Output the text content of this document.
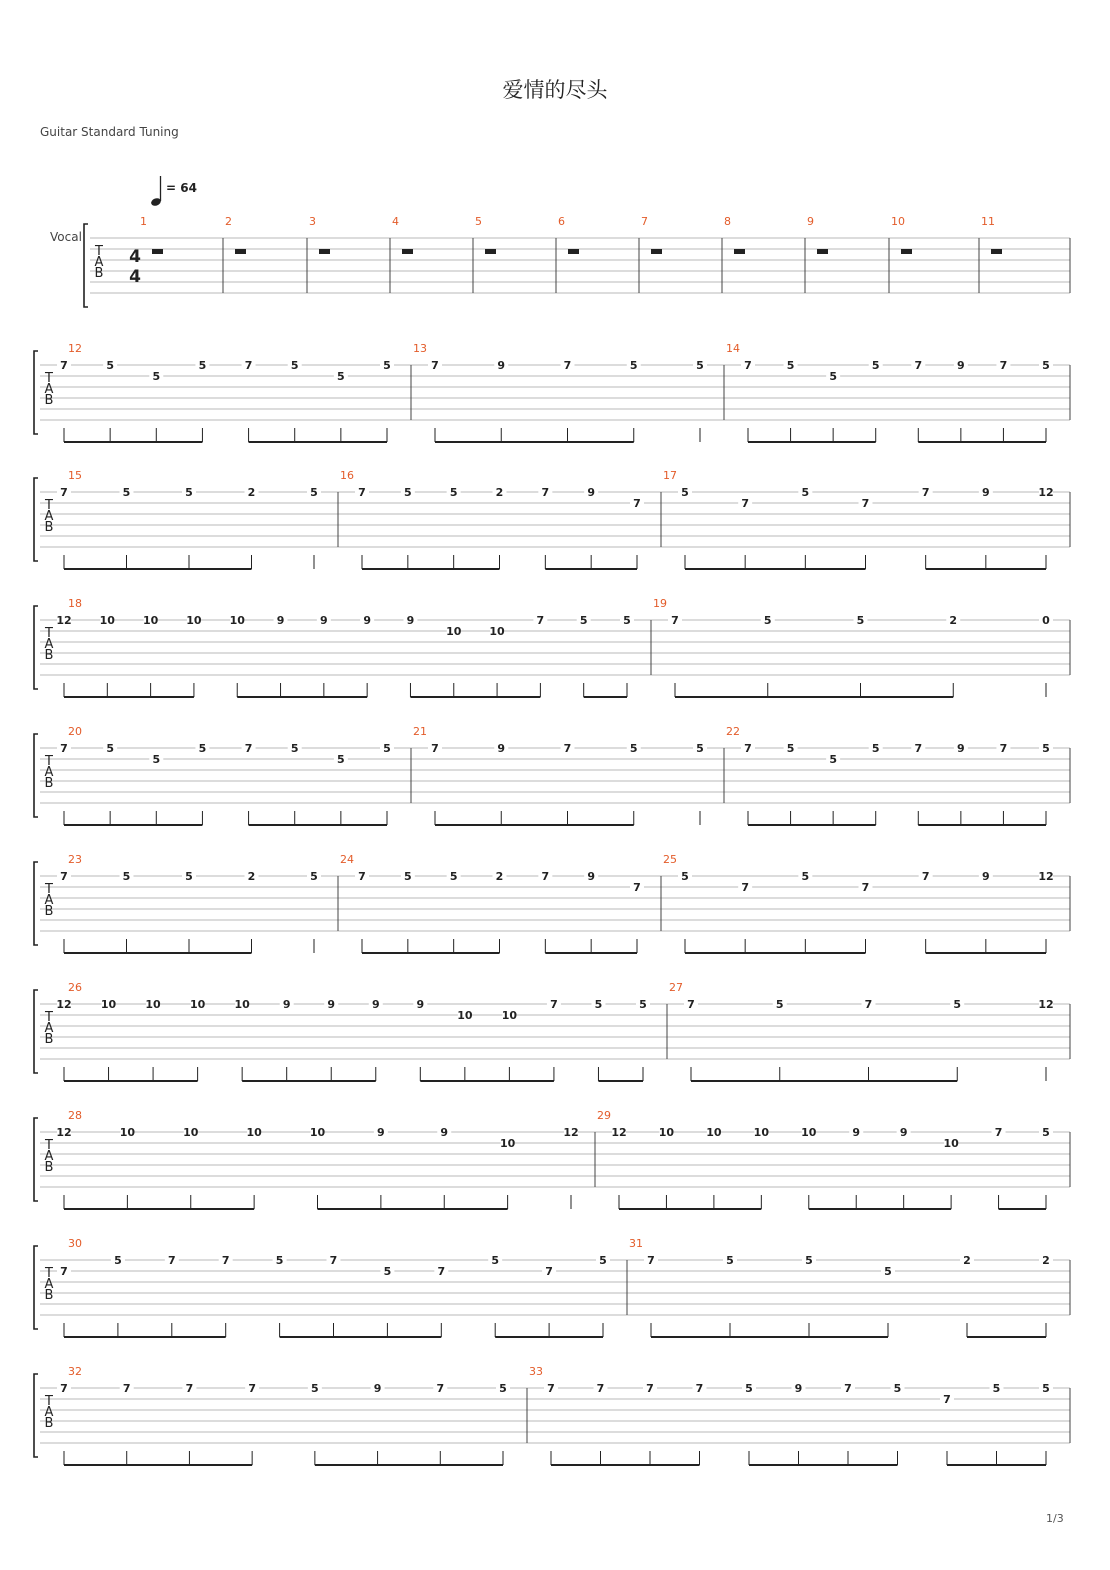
爱情的尽头
Guitar Standard Tuning
= 64
Vocal
T
A
B
4
4
1	2	3	4	5	6	7	8	9	10	11
T
A
B
12
7	5
5
5	7	5
5
5
13
7	9	7	5	5
14
7	5
5
5	7	9	7	5
T
A
B
15
7	5	5	2	5
16
7	5	5	2	7	9
7
17
5
7
5
7
7	9	12
T
A
B
18
12	10	10	10	10	9	9	9	9
10	10
7	5	5
19
7	5	5	2	0
T
A
B
20
7	5
5
5	7	5
5
5
21
7	9	7	5	5
22
7	5
5
5	7	9	7	5
T
A
B
23
7	5	5	2	5
24
7	5	5	2	7	9
7
25
5
7
5
7
7	9	12
T
A
B
26
12	10	10	10	10	9	9	9	9
10	10
7	5	5
27
7	5	7	5	12
T
A
B
28
12	10	10	10	10	9	9
10
12
29
12	10	10	10	10	9	9
10
7	5
T
A
B
30
7
5	7	7	5	7
5	7
5
7
5
31
7	5	5
5
2	2
T
A
B
32
7	7	7	7	5	9	7	5
33
7	7	7	7	5	9	7	5
7
5	5
1/3
